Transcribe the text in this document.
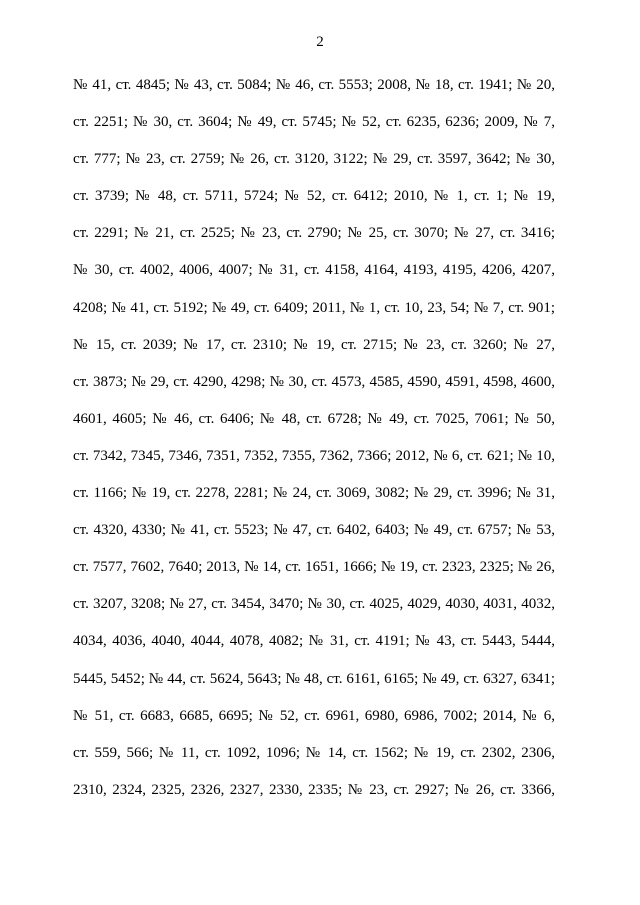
2
№ 41, ст. 4845; № 43, ст. 5084; № 46, ст. 5553; 2008, № 18, ст. 1941; № 20,
ст. 2251; № 30, ст. 3604; № 49, ст. 5745; № 52, ст. 6235, 6236; 2009, № 7,
ст. 777; № 23, ст. 2759; № 26, ст. 3120, 3122; № 29, ст. 3597, 3642; № 30,
ст. 3739; № 48, ст. 5711, 5724; № 52, ст. 6412; 2010, № 1, ст. 1; № 19,
ст. 2291; № 21, ст. 2525; № 23, ст. 2790; № 25, ст. 3070; № 27, ст. 3416;
№ 30, ст. 4002, 4006, 4007; № 31, ст. 4158, 4164, 4193, 4195, 4206, 4207,
4208; № 41, ст. 5192; № 49, ст. 6409; 2011, № 1, ст. 10, 23, 54; № 7, ст. 901;
№ 15, ст. 2039; № 17, ст. 2310; № 19, ст. 2715; № 23, ст. 3260; № 27,
ст. 3873; № 29, ст. 4290, 4298; № 30, ст. 4573, 4585, 4590, 4591, 4598, 4600,
4601, 4605; № 46, ст. 6406; № 48, ст. 6728; № 49, ст. 7025, 7061; № 50,
ст. 7342, 7345, 7346, 7351, 7352, 7355, 7362, 7366; 2012, № 6, ст. 621; № 10,
ст. 1166; № 19, ст. 2278, 2281; № 24, ст. 3069, 3082; № 29, ст. 3996; № 31,
ст. 4320, 4330; № 41, ст. 5523; № 47, ст. 6402, 6403; № 49, ст. 6757; № 53,
ст. 7577, 7602, 7640; 2013, № 14, ст. 1651, 1666; № 19, ст. 2323, 2325; № 26,
ст. 3207, 3208; № 27, ст. 3454, 3470; № 30, ст. 4025, 4029, 4030, 4031, 4032,
4034, 4036, 4040, 4044, 4078, 4082; № 31, ст. 4191; № 43, ст. 5443, 5444,
5445, 5452; № 44, ст. 5624, 5643; № 48, ст. 6161, 6165; № 49, ст. 6327, 6341;
№ 51, ст. 6683, 6685, 6695; № 52, ст. 6961, 6980, 6986, 7002; 2014, № 6,
ст. 559, 566; № 11, ст. 1092, 1096; № 14, ст. 1562; № 19, ст. 2302, 2306,
2310, 2324, 2325, 2326, 2327, 2330, 2335; № 23, ст. 2927; № 26, ст. 3366,
